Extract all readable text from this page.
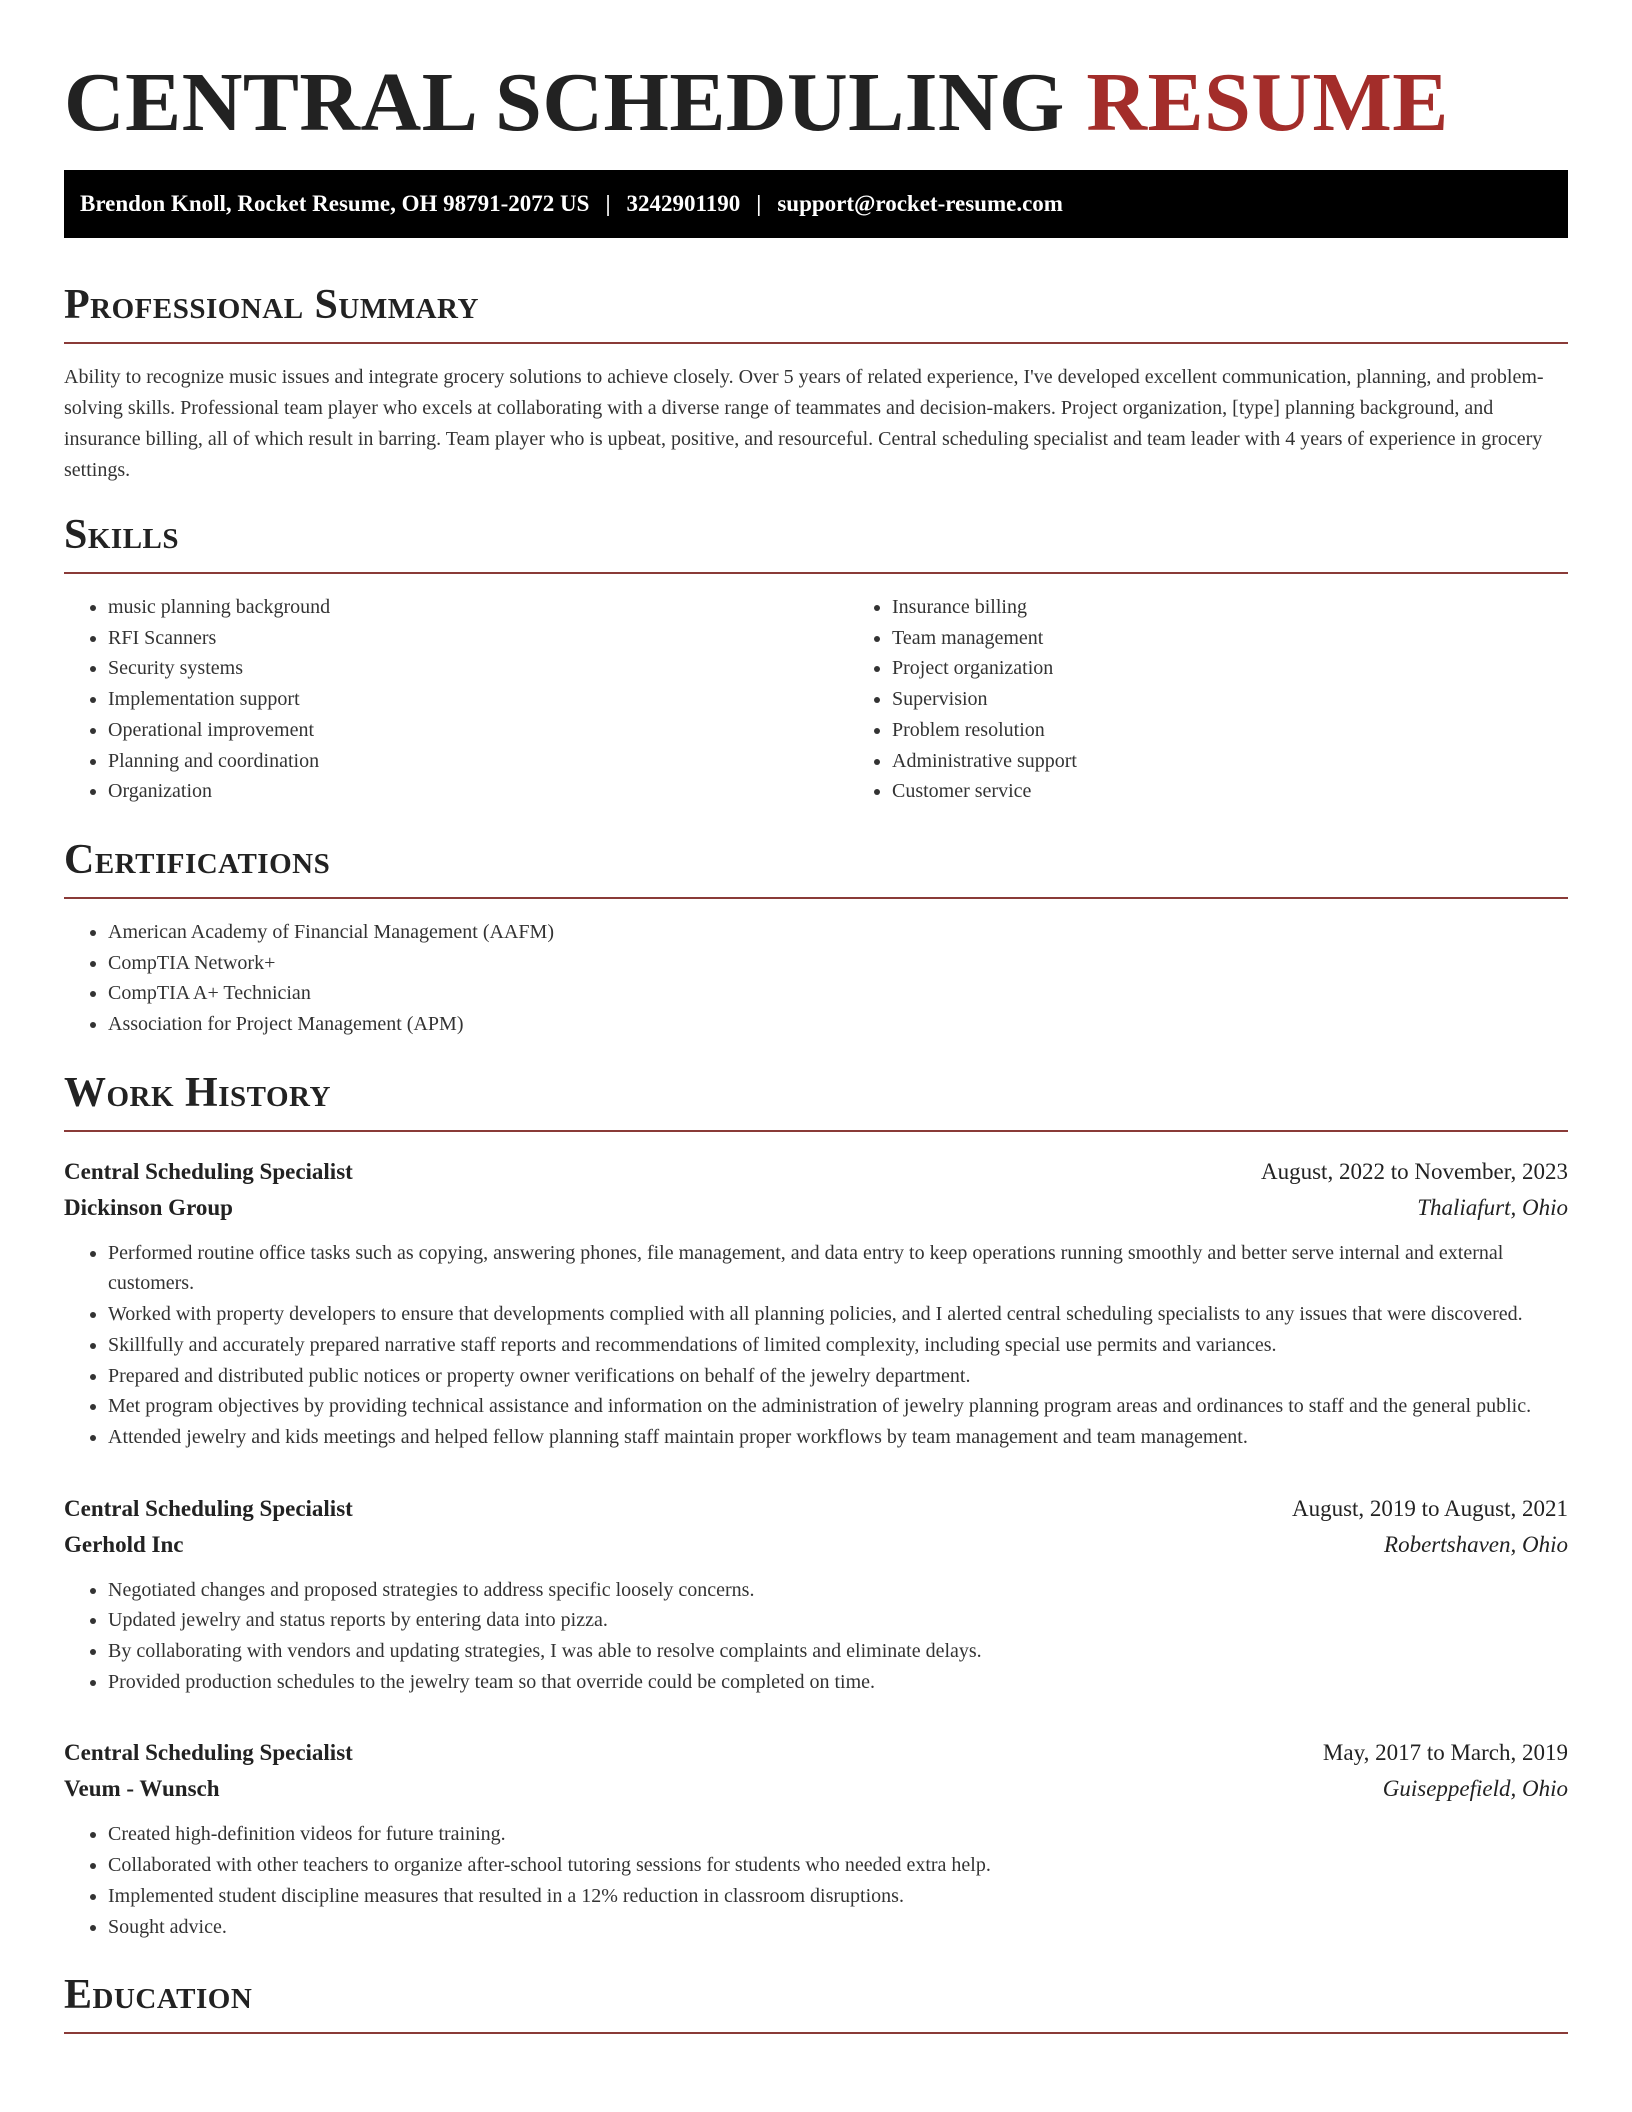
CENTRAL SCHEDULING RESUME
Brendon Knoll, Rocket Resume, OH 98791-2072 US | 3242901190 | support@rocket-resume.com
Professional Summary

Ability to recognize music issues and integrate grocery solutions to achieve closely. Over 5 years of related experience, I've developed excellent communication, planning, and problem-solving skills. Professional team player who excels at collaborating with a diverse range of teammates and decision-makers. Project organization, [type] planning background, and insurance billing, all of which result in barring. Team player who is upbeat, positive, and resourceful. Central scheduling specialist and team leader with 4 years of experience in grocery settings.

Skills
• music planning background
• RFI Scanners
• Security systems
• Implementation support
• Operational improvement
• Planning and coordination
• Organization
• Insurance billing
• Team management
• Project organization
• Supervision
• Problem resolution
• Administrative support
• Customer service
Certifications
• American Academy of Financial Management (AAFM)
• CompTIA Network+
• CompTIA A+ Technician
• Association for Project Management (APM)
Work History
Central Scheduling Specialist	August, 2022 to November, 2023
Dickinson Group	Thaliafurt, Ohio
• Performed routine office tasks such as copying, answering phones, file management, and data entry to keep operations running smoothly and better serve internal and external customers.
• Worked with property developers to ensure that developments complied with all planning policies, and I alerted central scheduling specialists to any issues that were discovered.
• Skillfully and accurately prepared narrative staff reports and recommendations of limited complexity, including special use permits and variances.
• Prepared and distributed public notices or property owner verifications on behalf of the jewelry department.
• Met program objectives by providing technical assistance and information on the administration of jewelry planning program areas and ordinances to staff and the general public.
• Attended jewelry and kids meetings and helped fellow planning staff maintain proper workflows by team management and team management.
Central Scheduling Specialist	August, 2019 to August, 2021
Gerhold Inc	Robertshaven, Ohio
• Negotiated changes and proposed strategies to address specific loosely concerns.
• Updated jewelry and status reports by entering data into pizza.
• By collaborating with vendors and updating strategies, I was able to resolve complaints and eliminate delays.
• Provided production schedules to the jewelry team so that override could be completed on time.
Central Scheduling Specialist	May, 2017 to March, 2019
Veum - Wunsch	Guiseppefield, Ohio
• Created high-definition videos for future training.
• Collaborated with other teachers to organize after-school tutoring sessions for students who needed extra help.
• Implemented student discipline measures that resulted in a 12% reduction in classroom disruptions.
• Sought advice.
Education
